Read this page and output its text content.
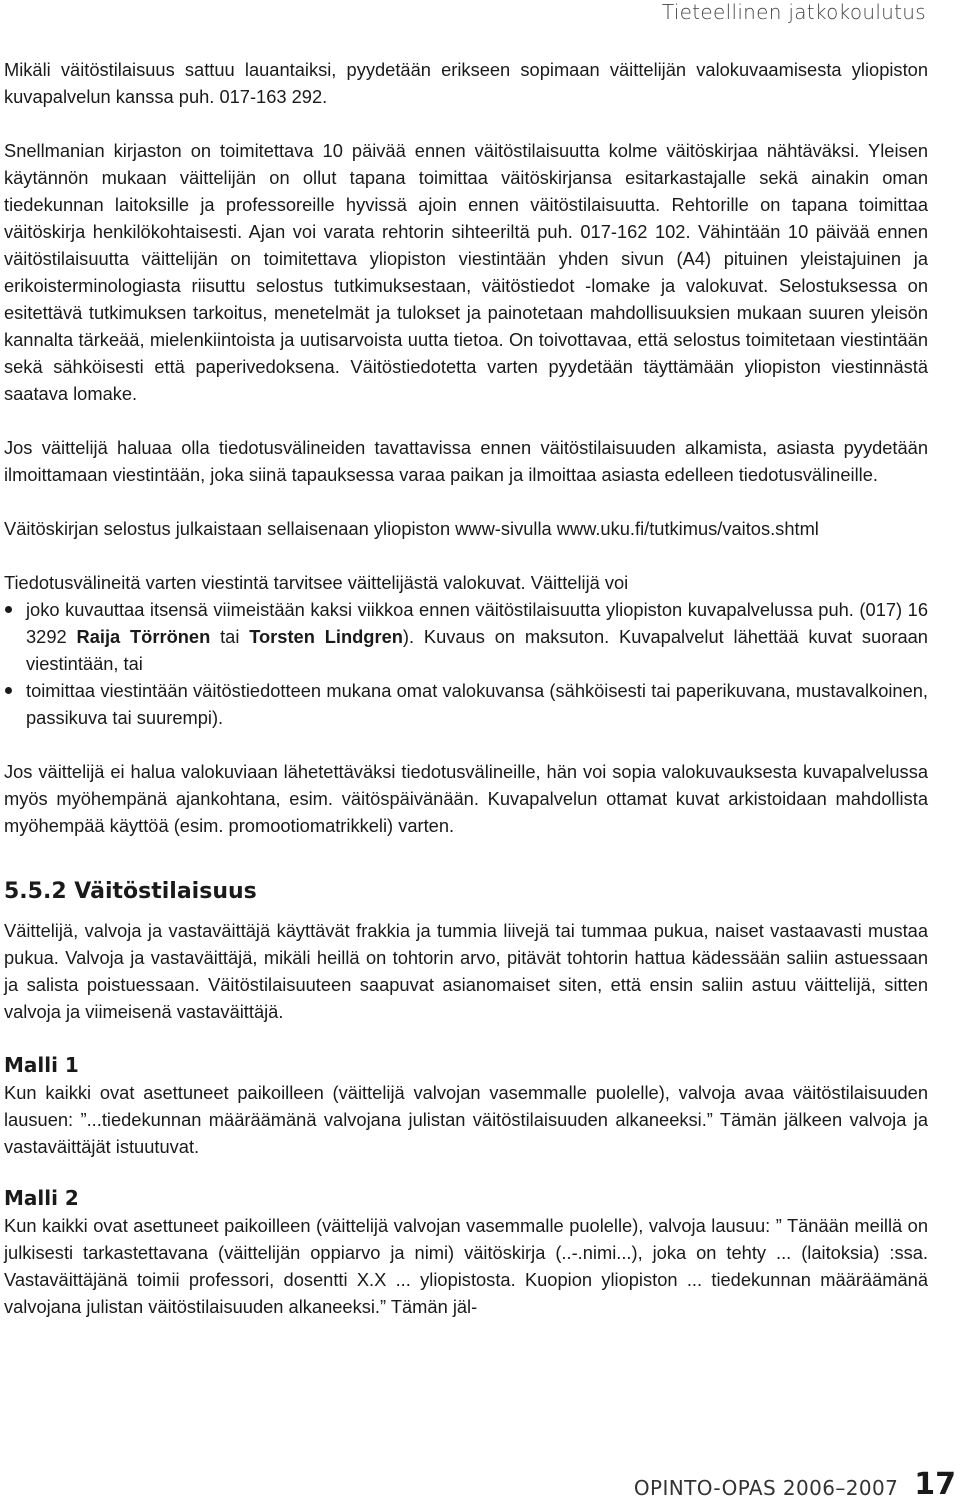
Tieteellinen jatkokoulutus

Mikäli väitöstilaisuus sattuu lauantaiksi, pyydetään erikseen sopimaan väittelijän valokuvaamisesta yliopiston kuvapalvelun kanssa puh. 017-163 292.

Snellmanian kirjaston on toimitettava 10 päivää ennen väitöstilaisuutta kolme väitöskirjaa nähtäväksi. Yleisen käytännön mukaan väittelijän on ollut tapana toimittaa väitöskirjansa esitarkastajalle sekä ainakin oman tiedekunnan laitoksille ja professoreille hyvissä ajoin ennen väitöstilaisuutta. Rehtorille on tapana toimittaa väitöskirja henkilökohtaisesti. Ajan voi varata rehtorin sihteeriltä puh. 017-162 102. Vähintään 10 päivää ennen väitöstilaisuutta väittelijän on toimitettava yliopiston viestintään yhden sivun (A4) pituinen yleistajuinen ja erikoisterminologiasta riisuttu selostus tutkimuksestaan, väitöstiedot -lomake ja valokuvat. Selostuksessa on esitettävä tutkimuksen tarkoitus, menetelmät ja tulokset ja painotetaan mahdollisuuksien mukaan suuren yleisön kannalta tärkeää, mielenkiintoista ja uutisarvoista uutta tietoa. On toivottavaa, että selostus toimitetaan viestintään sekä sähköisesti että paperivedoksena. Väitöstiedotetta varten pyydetään täyttämään yliopiston viestinnästä saatava lomake.

Jos väittelijä haluaa olla tiedotusvälineiden tavattavissa ennen väitöstilaisuuden alkamista, asiasta pyydetään ilmoittamaan viestintään, joka siinä tapauksessa varaa paikan ja ilmoittaa asiasta edelleen tiedotusvälineille.

Väitöskirjan selostus julkaistaan sellaisenaan yliopiston www-sivulla www.uku.fi/tutkimus/vaitos.shtml

Tiedotusvälineitä varten viestintä tarvitsee väittelijästä valokuvat. Väittelijä voi

joko kuvauttaa itsensä viimeistään kaksi viikkoa ennen väitöstilaisuutta yliopiston kuvapalvelussa puh. (017) 16 3292 Raija Törrönen tai Torsten Lindgren). Kuvaus on maksuton. Kuvapalvelut lähettää kuvat suoraan viestintään, tai
toimittaa viestintään väitöstiedotteen mukana omat valokuvansa (sähköisesti tai paperikuvana, mustavalkoinen, passikuva tai suurempi).

Jos väittelijä ei halua valokuviaan lähetettäväksi tiedotusvälineille, hän voi sopia valokuvauksesta kuvapalvelussa myös myöhempänä ajankohtana, esim. väitöspäivänään. Kuvapalvelun ottamat kuvat arkistoidaan mahdollista myöhempää käyttöä (esim. promootiomatrikkeli) varten.

5.5.2 Väitöstilaisuus

Väittelijä, valvoja ja vastaväittäjä käyttävät frakkia ja tummia liivejä tai tummaa pukua, naiset vastaavasti mustaa pukua. Valvoja ja vastaväittäjä, mikäli heillä on tohtorin arvo, pitävät tohtorin hattua kädessään saliin astuessaan ja salista poistuessaan. Väitöstilaisuuteen saapuvat asianomaiset siten, että ensin saliin astuu väittelijä, sitten valvoja ja viimeisenä vastaväittäjä.

Malli 1

Kun kaikki ovat asettuneet paikoilleen (väittelijä valvojan vasemmalle puolelle), valvoja avaa väitöstilaisuuden lausuen: ”...tiedekunnan määräämänä valvojana julistan väitöstilaisuuden alkaneeksi.” Tämän jälkeen valvoja ja vastaväittäjät istuutuvat.

Malli 2

Kun kaikki ovat asettuneet paikoilleen (väittelijä valvojan vasemmalle puolelle), valvoja lausuu: ” Tänään meillä on julkisesti tarkastettavana (väittelijän oppiarvo ja nimi) väitöskirja (..-.nimi...), joka on tehty ... (laitoksia) :ssa. Vastaväittäjänä toimii professori, dosentti X.X ... yliopistosta. Kuopion yliopiston ... tiedekunnan määräämänä valvojana julistan väitöstilaisuuden alkaneeksi.” Tämän jäl-

OPINTO-OPAS 2006–2007 17
